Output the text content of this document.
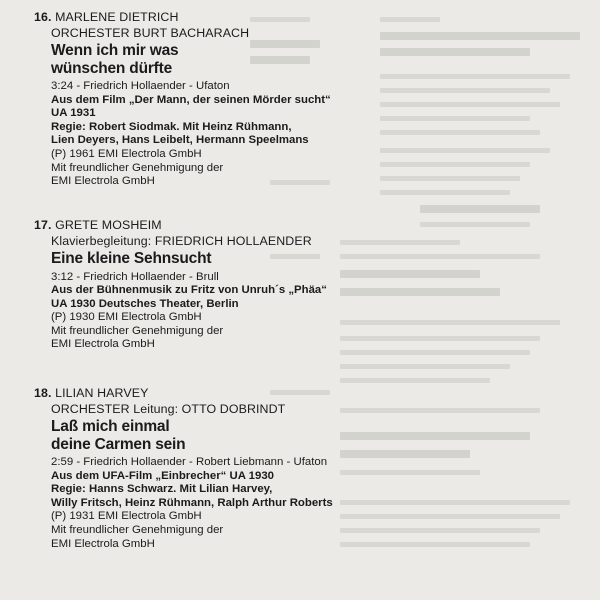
16. MARLENE DIETRICH
ORCHESTER BURT BACHARACH
Wenn ich mir was
wünschen dürfte
3:24 - Friedrich Hollaender - Ufaton
Aus dem Film „Der Mann, der seinen Mörder sucht“
UA 1931
Regie: Robert Siodmak. Mit Heinz Rühmann,
Lien Deyers, Hans Leibelt, Hermann Speelmans
(P) 1961 EMI Electrola GmbH
Mit freundlicher Genehmigung der
EMI Electrola GmbH
17. GRETE MOSHEIM
Klavierbegleitung: FRIEDRICH HOLLAENDER
Eine kleine Sehnsucht
3:12 - Friedrich Hollaender - Brull
Aus der Bühnenmusik zu Fritz von Unruh´s „Phäa“
UA 1930 Deutsches Theater, Berlin
(P) 1930 EMI Electrola GmbH
Mit freundlicher Genehmigung der
EMI Electrola GmbH
18. LILIAN HARVEY
ORCHESTER Leitung: OTTO DOBRINDT
Laß mich einmal
deine Carmen sein
2:59 - Friedrich Hollaender - Robert Liebmann - Ufaton
Aus dem UFA-Film „Einbrecher“ UA 1930
Regie: Hanns Schwarz. Mit Lilian Harvey,
Willy Fritsch, Heinz Rühmann, Ralph Arthur Roberts
(P) 1931 EMI Electrola GmbH
Mit freundlicher Genehmigung der
EMI Electrola GmbH
